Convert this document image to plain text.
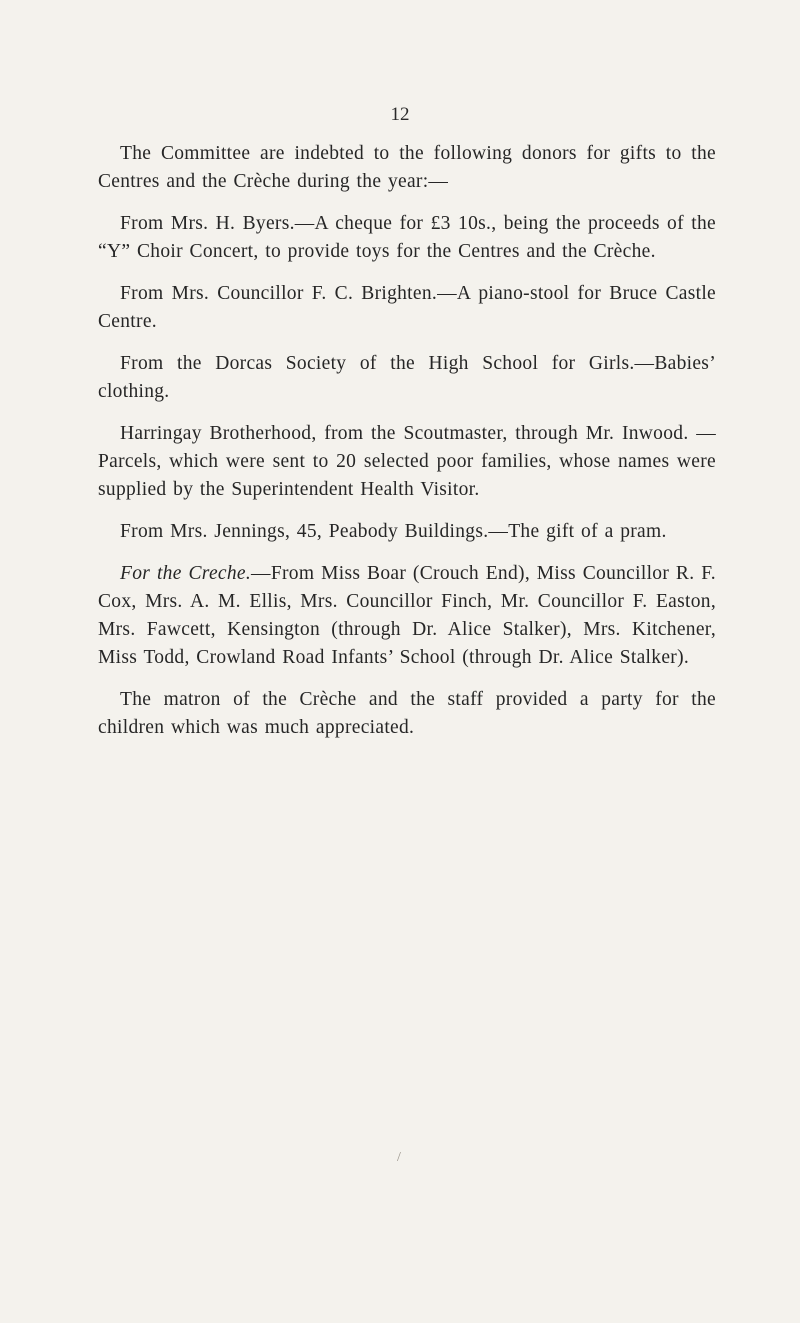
12

The Committee are indebted to the following donors for gifts to the Centres and the Crèche during the year:—

From Mrs. H. Byers.—A cheque for £3 10s., being the proceeds of the “Y” Choir Concert, to provide toys for the Centres and the Crèche.

From Mrs. Councillor F. C. Brighten.—A piano-stool for Bruce Castle Centre.

From the Dorcas Society of the High School for Girls.—Babies’ clothing.

Harringay Brotherhood, from the Scoutmaster, through Mr. Inwood. —Parcels, which were sent to 20 selected poor families, whose names were supplied by the Superintendent Health Visitor.

From Mrs. Jennings, 45, Peabody Buildings.—The gift of a pram.

For the Creche.—From Miss Boar (Crouch End), Miss Councillor R. F. Cox, Mrs. A. M. Ellis, Mrs. Councillor Finch, Mr. Councillor F. Easton, Mrs. Fawcett, Kensington (through Dr. Alice Stalker), Mrs. Kitchener, Miss Todd, Crowland Road Infants’ School (through Dr. Alice Stalker).

The matron of the Crèche and the staff provided a party for the children which was much appreciated.

/
